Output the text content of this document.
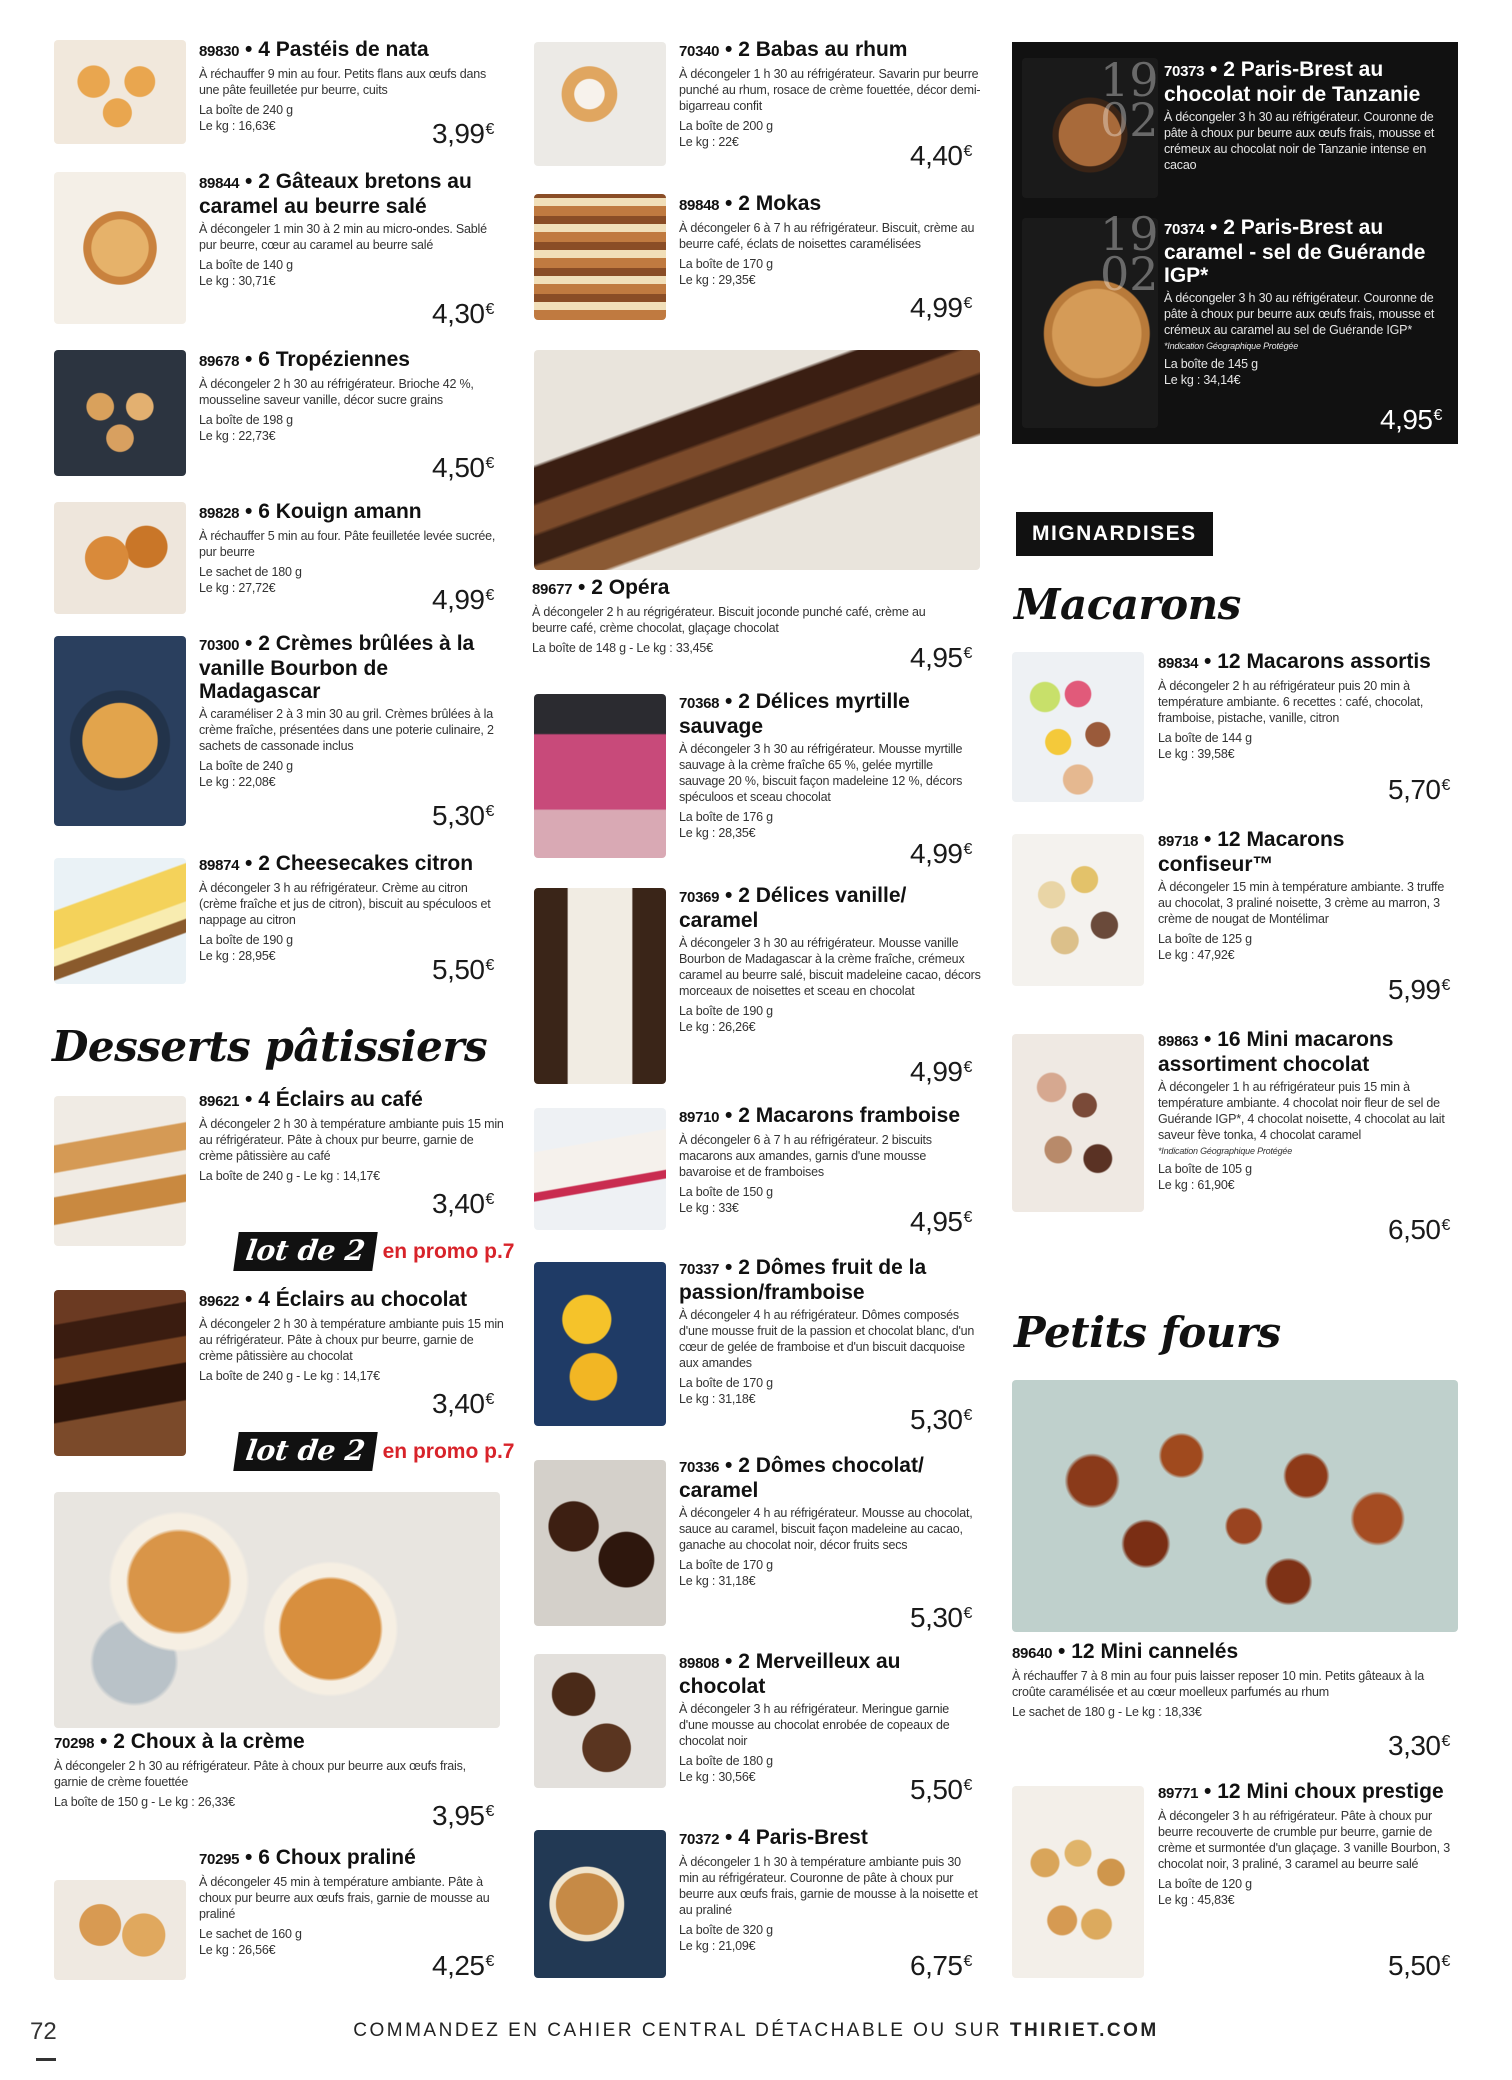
89830 • 4 Pastéis de nata
À réchauffer 9 min au four. Petits flans aux œufs dans une pâte feuilletée pur beurre, cuits
La boîte de 240 g
Le kg : 16,63€	3,99€
89844 • 2 Gâteaux bretons au caramel au beurre salé
À décongeler 1 min 30 à 2 min au micro-ondes. Sablé pur beurre, cœur au caramel au beurre salé
La boîte de 140 g
Le kg : 30,71€
4,30€
89678 • 6 Tropéziennes
À décongeler 2 h 30 au réfrigérateur. Brioche 42 %, mousseline saveur vanille, décor sucre grains
La boîte de 198 g
Le kg : 22,73€
4,50€
89828 • 6 Kouign amann
À réchauffer 5 min au four. Pâte feuilletée levée sucrée, pur beurre
Le sachet de 180 g
Le kg : 27,72€	4,99€
70300 • 2 Crèmes brûlées à la vanille Bourbon de Madagascar
À caraméliser 2 à 3 min 30 au gril. Crèmes brûlées à la crème fraîche, présentées dans une poterie culinaire, 2 sachets de cassonade inclus
La boîte de 240 g
Le kg : 22,08€
5,30€
89874 • 2 Cheesecakes citron
À décongeler 3 h au réfrigérateur. Crème au citron (crème fraîche et jus de citron), biscuit au spéculoos et nappage au citron
La boîte de 190 g
Le kg : 28,95€	5,50€
Desserts pâtissiers
89621 • 4 Éclairs au café
À décongeler 2 h 30 à température ambiante puis 15 min au réfrigérateur. Pâte à choux pur beurre, garnie de crème pâtissière au café
La boîte de 240 g - Le kg : 14,17€
3,40€
lot de 2 en promo p.7
89622 • 4 Éclairs au chocolat
À décongeler 2 h 30 à température ambiante puis 15 min au réfrigérateur. Pâte à choux pur beurre, garnie de crème pâtissière au chocolat
La boîte de 240 g - Le kg : 14,17€
3,40€
lot de 2 en promo p.7
70298 • 2 Choux à la crème
À décongeler 2 h 30 au réfrigérateur. Pâte à choux pur beurre aux œufs frais, garnie de crème fouettée
La boîte de 150 g - Le kg : 26,33€	3,95€
70295 • 6 Choux praliné
À décongeler 45 min à température ambiante. Pâte à choux pur beurre aux œufs frais, garnie de mousse au praliné
Le sachet de 160 g
Le kg : 26,56€	4,25€
70340 • 2 Babas au rhum
À décongeler 1 h 30 au réfrigérateur. Savarin pur beurre punché au rhum, rosace de crème fouettée, décor demi-bigarreau confit
La boîte de 200 g
Le kg : 22€	4,40€
89848 • 2 Mokas
À décongeler 6 à 7 h au réfrigérateur. Biscuit, crème au beurre café, éclats de noisettes caramélisées
La boîte de 170 g
Le kg : 29,35€
4,99€
89677 • 2 Opéra
À décongeler 2 h au régrigérateur. Biscuit joconde punché café, crème au beurre café, crème chocolat, glaçage chocolat
La boîte de 148 g - Le kg : 33,45€	4,95€
70368 • 2 Délices myrtille sauvage
À décongeler 3 h 30 au réfrigérateur. Mousse myrtille sauvage à la crème fraîche 65 %, gelée myrtille sauvage 20 %, biscuit façon madeleine 12 %, décors spéculoos et sceau chocolat
La boîte de 176 g
Le kg : 28,35€
4,99€
70369 • 2 Délices vanille/ caramel
À décongeler 3 h 30 au réfrigérateur. Mousse vanille Bourbon de Madagascar à la crème fraîche, crémeux caramel au beurre salé, biscuit madeleine cacao, décors morceaux de noisettes et sceau en chocolat
La boîte de 190 g
Le kg : 26,26€
4,99€
89710 • 2 Macarons framboise
À décongeler 6 à 7 h au réfrigérateur. 2 biscuits macarons aux amandes, garnis d'une mousse bavaroise et de framboises
La boîte de 150 g
Le kg : 33€	4,95€
70337 • 2 Dômes fruit de la passion/framboise
À décongeler 4 h au réfrigérateur. Dômes composés d'une mousse fruit de la passion et chocolat blanc, d'un cœur de gelée de framboise et d'un biscuit dacquoise aux amandes
La boîte de 170 g
Le kg : 31,18€
5,30€
70336 • 2 Dômes chocolat/ caramel
À décongeler 4 h au réfrigérateur. Mousse au chocolat, sauce au caramel, biscuit façon madeleine au cacao, ganache au chocolat noir, décor fruits secs
La boîte de 170 g
Le kg : 31,18€
5,30€
89808 • 2 Merveilleux au chocolat
À décongeler 3 h au réfrigérateur. Meringue garnie d'une mousse au chocolat enrobée de copeaux de chocolat noir
La boîte de 180 g
Le kg : 30,56€	5,50€
70372 • 4 Paris-Brest
À décongeler 1 h 30 à température ambiante puis 30 min au réfrigérateur. Couronne de pâte à choux pur beurre aux œufs frais, garnie de mousse à la noisette et au praliné
La boîte de 320 g
Le kg : 21,09€
6,75€
19
02
70373 • 2 Paris-Brest au chocolat noir de Tanzanie
À décongeler 3 h 30 au réfrigérateur. Couronne de pâte à choux pur beurre aux œufs frais, mousse et crémeux au chocolat noir de Tanzanie intense en cacao
19
02
70374 • 2 Paris-Brest au caramel - sel de Guérande IGP*
À décongeler 3 h 30 au réfrigérateur. Couronne de pâte à choux pur beurre aux œufs frais, mousse et crémeux au caramel au sel de Guérande IGP*
*Indication Géographique Protégée
La boîte de 145 g
Le kg : 34,14€
4,95€
MIGNARDISES
Macarons
89834 • 12 Macarons assortis
À décongeler 2 h au réfrigérateur puis 20 min à température ambiante. 6 recettes : café, chocolat, framboise, pistache, vanille, citron
La boîte de 144 g
Le kg : 39,58€
5,70€
89718 • 12 Macarons confiseur™
À décongeler 15 min à température ambiante. 3 truffe au chocolat, 3 praliné noisette, 3 crème au marron, 3 crème de nougat de Montélimar
La boîte de 125 g
Le kg : 47,92€
5,99€
89863 • 16 Mini macarons assortiment chocolat
À décongeler 1 h au réfrigérateur puis 15 min à température ambiante. 4 chocolat noir fleur de sel de Guérande IGP*, 4 chocolat noisette, 4 chocolat au lait saveur fève tonka, 4 chocolat caramel
*Indication Géographique Protégée
La boîte de 105 g
Le kg : 61,90€
6,50€
Petits fours
89640 • 12 Mini cannelés
À réchauffer 7 à 8 min au four puis laisser reposer 10 min. Petits gâteaux à la croûte caramélisée et au cœur moelleux parfumés au rhum
Le sachet de 180 g - Le kg : 18,33€
3,30€
89771 • 12 Mini choux prestige
À décongeler 3 h au réfrigérateur. Pâte à choux pur beurre recouverte de crumble pur beurre, garnie de crème et surmontée d'un glaçage. 3 vanille Bourbon, 3 chocolat noir, 3 praliné, 3 caramel au beurre salé
La boîte de 120 g
Le kg : 45,83€
5,50€
72	COMMANDEZ EN CAHIER CENTRAL DÉTACHABLE OU SUR THIRIET.COM
